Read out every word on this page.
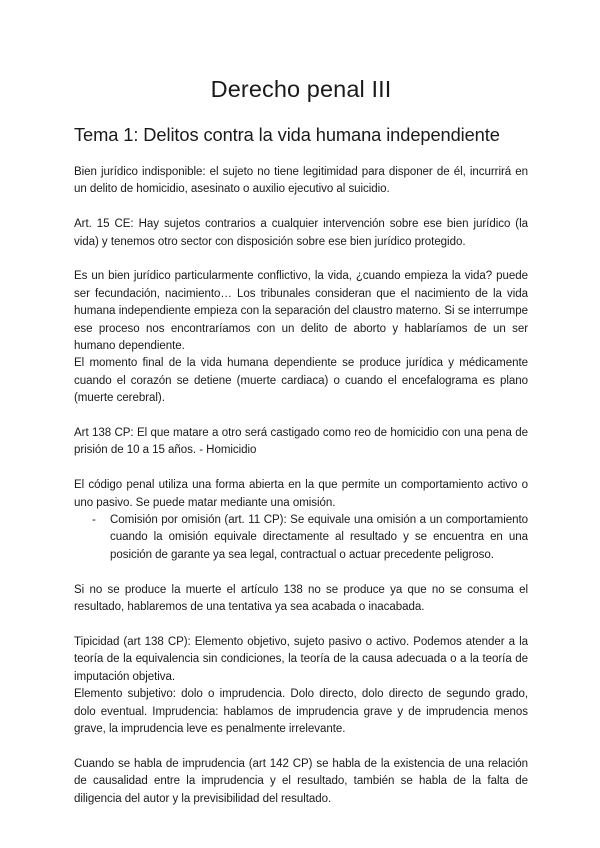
Derecho penal III
Tema 1: Delitos contra la vida humana independiente

Bien jurídico indisponible: el sujeto no tiene legitimidad para disponer de él, incurrirá en un delito de homicidio, asesinato o auxilio ejecutivo al suicidio.

Art. 15 CE: Hay sujetos contrarios a cualquier intervención sobre ese bien jurídico (la vida) y tenemos otro sector con disposición sobre ese bien jurídico protegido.

Es un bien jurídico particularmente conflictivo, la vida, ¿cuando empieza la vida? puede ser fecundación, nacimiento… Los tribunales consideran que el nacimiento de la vida humana independiente empieza con la separación del claustro materno. Si se interrumpe ese proceso nos encontraríamos con un delito de aborto y hablaríamos de un ser humano dependiente.

El momento final de la vida humana dependiente se produce jurídica y médicamente cuando el corazón se detiene (muerte cardiaca) o cuando el encefalograma es plano (muerte cerebral).

Art 138 CP: El que matare a otro será castigado como reo de homicidio con una pena de prisión de 10 a 15 años. - Homicidio

El código penal utiliza una forma abierta en la que permite un comportamiento activo o uno pasivo. Se puede matar mediante una omisión.

- Comisión por omisión (art. 11 CP): Se equivale una omisión a un comportamiento cuando la omisión equivale directamente al resultado y se encuentra en una posición de garante ya sea legal, contractual o actuar precedente peligroso.

Si no se produce la muerte el artículo 138 no se produce ya que no se consuma el resultado, hablaremos de una tentativa ya sea acabada o inacabada.

Tipicidad (art 138 CP): Elemento objetivo, sujeto pasivo o activo. Podemos atender a la teoría de la equivalencia sin condiciones, la teoría de la causa adecuada o a la teoría de imputación objetiva.

Elemento subjetivo: dolo o imprudencia. Dolo directo, dolo directo de segundo grado, dolo eventual. Imprudencia: hablamos de imprudencia grave y de imprudencia menos grave, la imprudencia leve es penalmente irrelevante.

Cuando se habla de imprudencia (art 142 CP) se habla de la existencia de una relación de causalidad entre la imprudencia y el resultado, también se habla de la falta de diligencia del autor y la previsibilidad del resultado.
